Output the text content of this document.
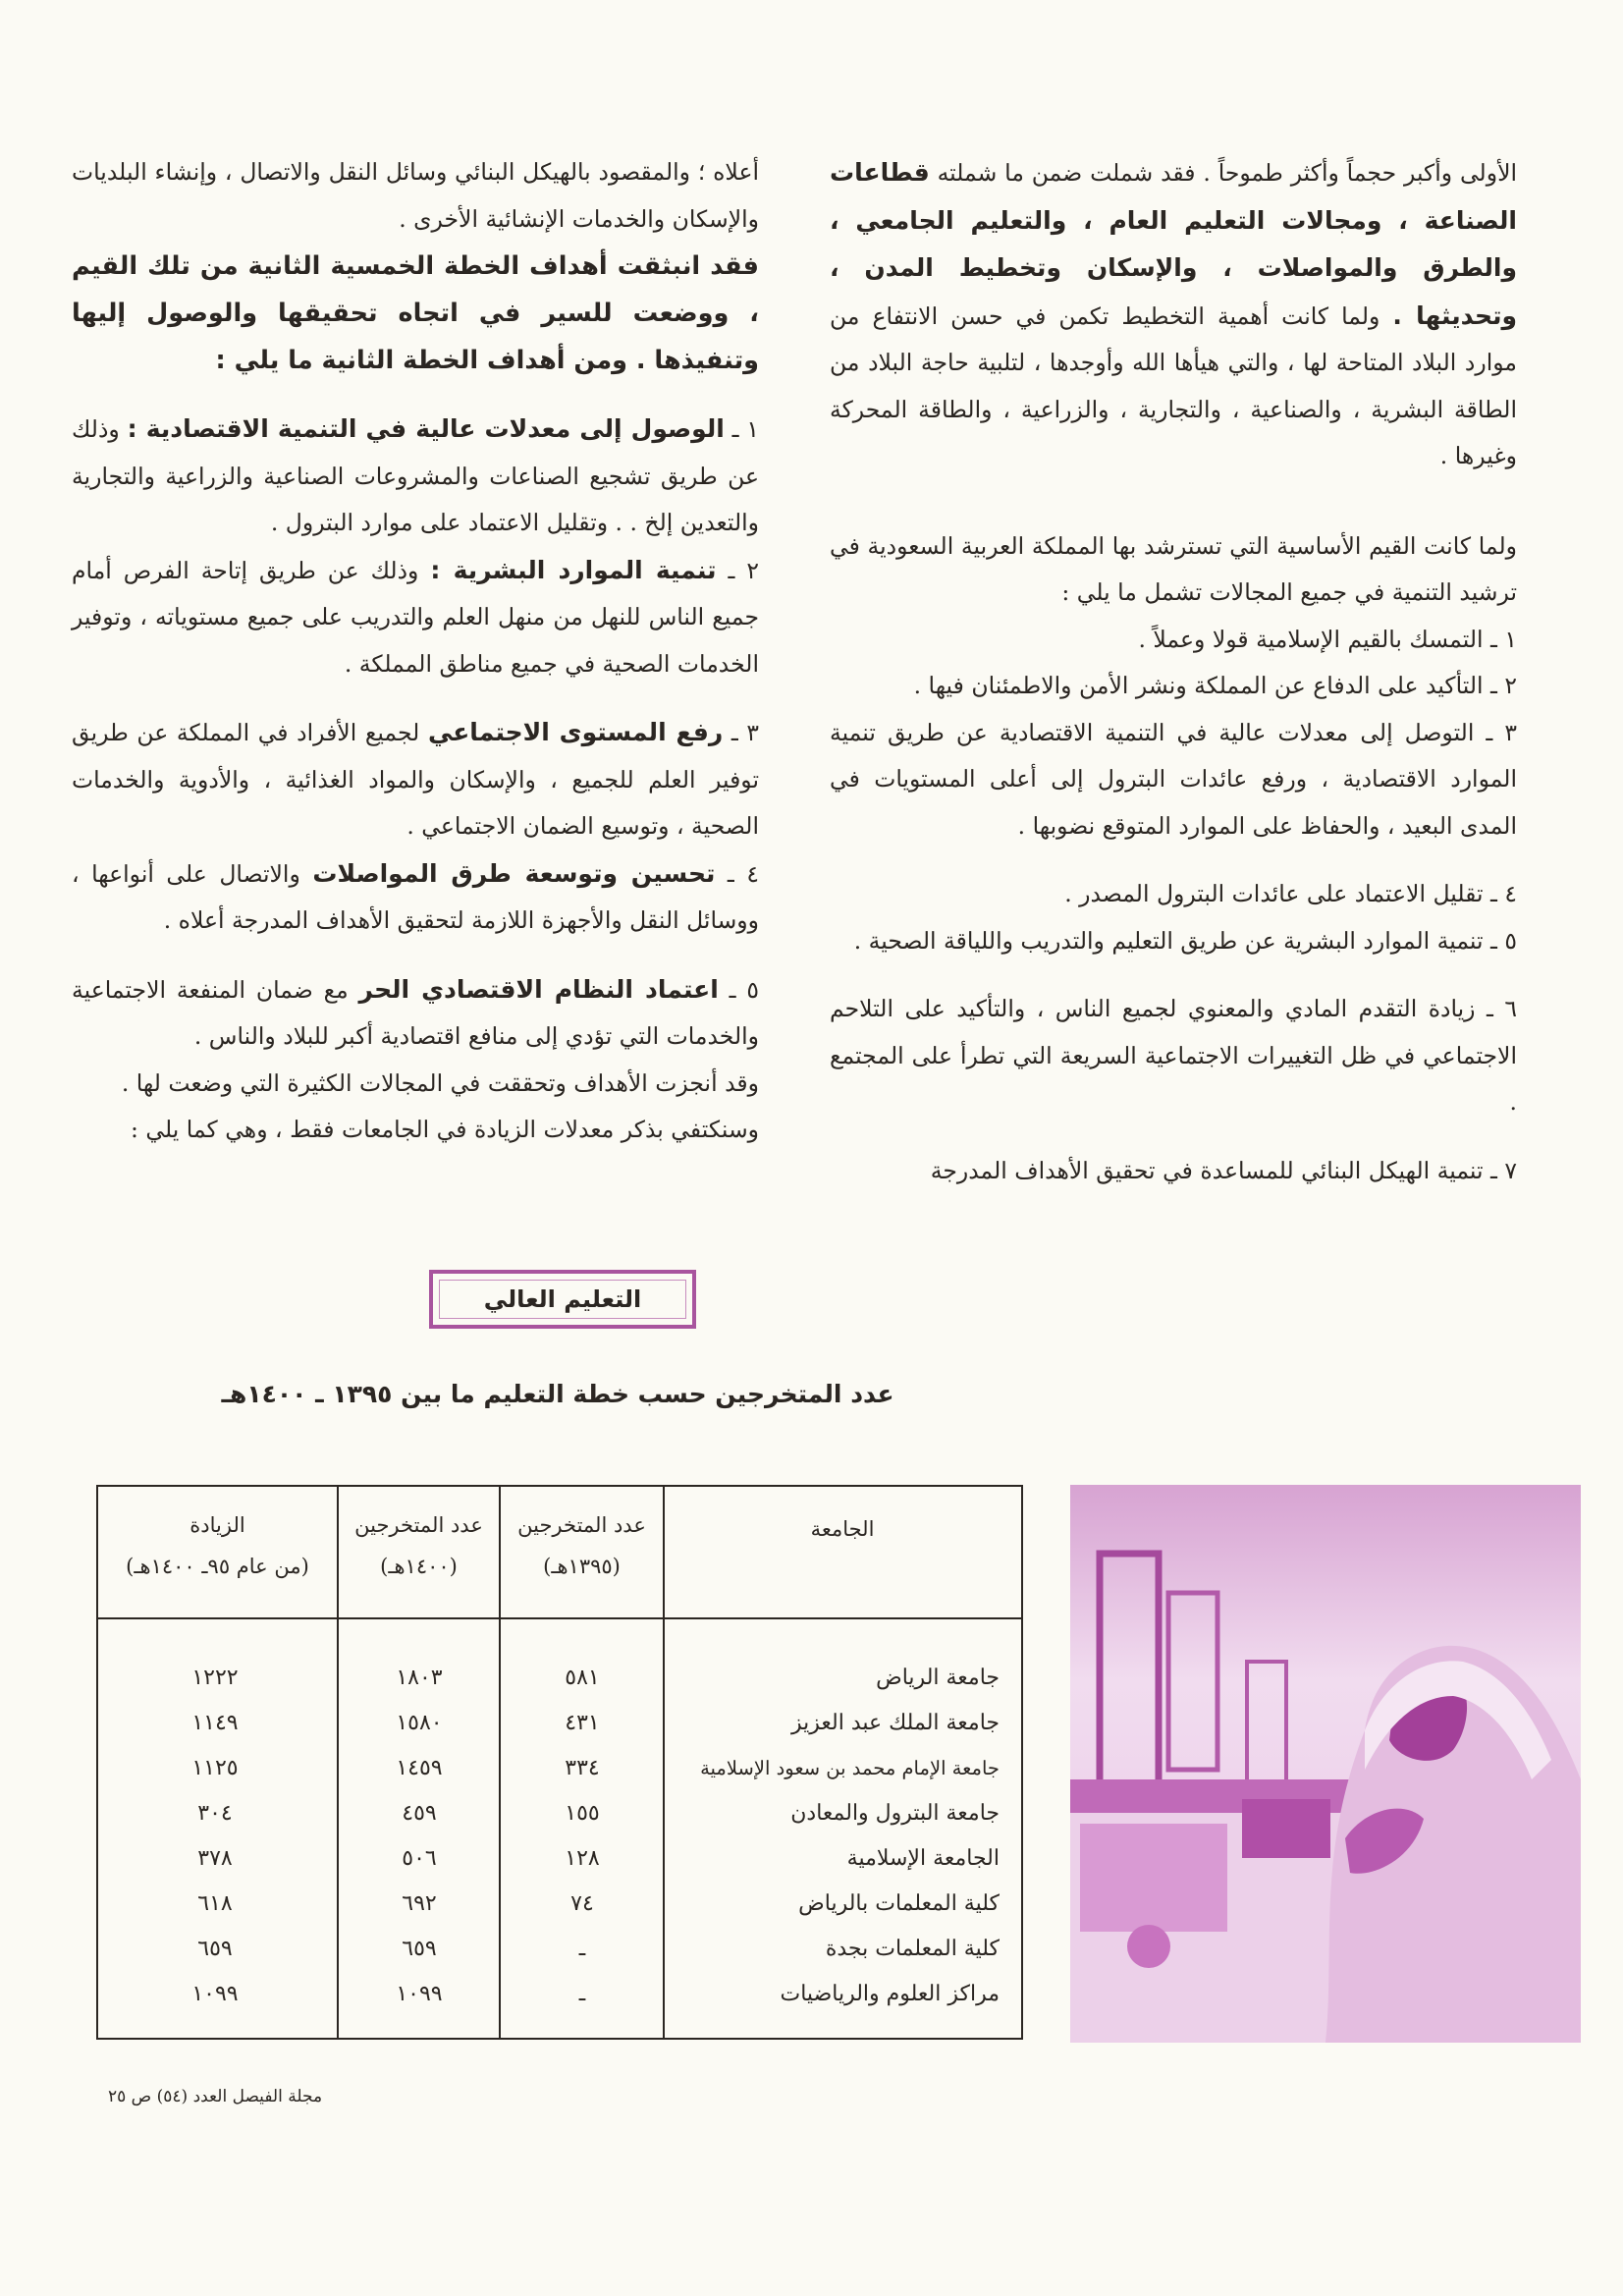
الأولى وأكبر حجماً وأكثر طموحاً . فقد شملت ضمن ما شملته قطاعات الصناعة ، ومجالات التعليم العام ، والتعليم الجامعي ، والطرق والمواصلات ، والإسكان وتخطيط المدن ، وتحديثها . ولما كانت أهمية التخطيط تكمن في حسن الانتفاع من موارد البلاد المتاحة لها ، والتي هيأها الله وأوجدها ، لتلبية حاجة البلاد من الطاقة البشرية ، والصناعية ، والتجارية ، والزراعية ، والطاقة المحركة وغيرها .

ولما كانت القيم الأساسية التي تسترشد بها المملكة العربية السعودية في ترشيد التنمية في جميع المجالات تشمل ما يلي :

١ ـ التمسك بالقيم الإسلامية قولا وعملاً .

٢ ـ التأكيد على الدفاع عن المملكة ونشر الأمن والاطمئنان فيها .

٣ ـ التوصل إلى معدلات عالية في التنمية الاقتصادية عن طريق تنمية الموارد الاقتصادية ، ورفع عائدات البترول إلى أعلى المستويات في المدى البعيد ، والحفاظ على الموارد المتوقع نضوبها .

٤ ـ تقليل الاعتماد على عائدات البترول المصدر .

٥ ـ تنمية الموارد البشرية عن طريق التعليم والتدريب واللياقة الصحية .

٦ ـ زيادة التقدم المادي والمعنوي لجميع الناس ، والتأكيد على التلاحم الاجتماعي في ظل التغييرات الاجتماعية السريعة التي تطرأ على المجتمع .

٧ ـ تنمية الهيكل البنائي للمساعدة في تحقيق الأهداف المدرجة

أعلاه ؛ والمقصود بالهيكل البنائي وسائل النقل والاتصال ، وإنشاء البلديات والإسكان والخدمات الإنشائية الأخرى .

فقد انبثقت أهداف الخطة الخمسية الثانية من تلك القيم ، ووضعت للسير في اتجاه تحقيقها والوصول إليها وتنفيذها . ومن أهداف الخطة الثانية ما يلي :

١ ـ الوصول إلى معدلات عالية في التنمية الاقتصادية : وذلك عن طريق تشجيع الصناعات والمشروعات الصناعية والزراعية والتجارية والتعدين إلخ . . وتقليل الاعتماد على موارد البترول .

٢ ـ تنمية الموارد البشرية : وذلك عن طريق إتاحة الفرص أمام جميع الناس للنهل من منهل العلم والتدريب على جميع مستوياته ، وتوفير الخدمات الصحية في جميع مناطق المملكة .

٣ ـ رفع المستوى الاجتماعي لجميع الأفراد في المملكة عن طريق توفير العلم للجميع ، والإسكان والمواد الغذائية ، والأدوية والخدمات الصحية ، وتوسيع الضمان الاجتماعي .

٤ ـ تحسين وتوسعة طرق المواصلات والاتصال على أنواعها ، ووسائل النقل والأجهزة اللازمة لتحقيق الأهداف المدرجة أعلاه .

٥ ـ اعتماد النظام الاقتصادي الحر مع ضمان المنفعة الاجتماعية والخدمات التي تؤدي إلى منافع اقتصادية أكبر للبلاد والناس .

وقد أنجزت الأهداف وتحققت في المجالات الكثيرة التي وضعت لها .

وسنكتفي بذكر معدلات الزيادة في الجامعات فقط ، وهي كما يلي :

التعليم العالي
عدد المتخرجين حسب خطة التعليم ما بين ١٣٩٥ ـ ١٤٠٠هـ
الجامعة
عدد المتخرجين
(١٣٩٥هـ)
عدد المتخرجين
(١٤٠٠هـ)
الزيادة
(من عام ٩٥ـ ١٤٠٠هـ)
جامعة الرياض
٥٨١
١٨٠٣
١٢٢٢
جامعة الملك عبد العزيز
٤٣١
١٥٨٠
١١٤٩
جامعة الإمام محمد بن سعود الإسلامية
٣٣٤
١٤٥٩
١١٢٥
جامعة البترول والمعادن
١٥٥
٤٥٩
٣٠٤
الجامعة الإسلامية
١٢٨
٥٠٦
٣٧٨
كلية المعلمات بالرياض
٧٤
٦٩٢
٦١٨
كلية المعلمات بجدة
ـ
٦٥٩
٦٥٩
مراكز العلوم والرياضيات
ـ
١٠٩٩
١٠٩٩
مجلة الفيصل العدد (٥٤) ص ٢٥
